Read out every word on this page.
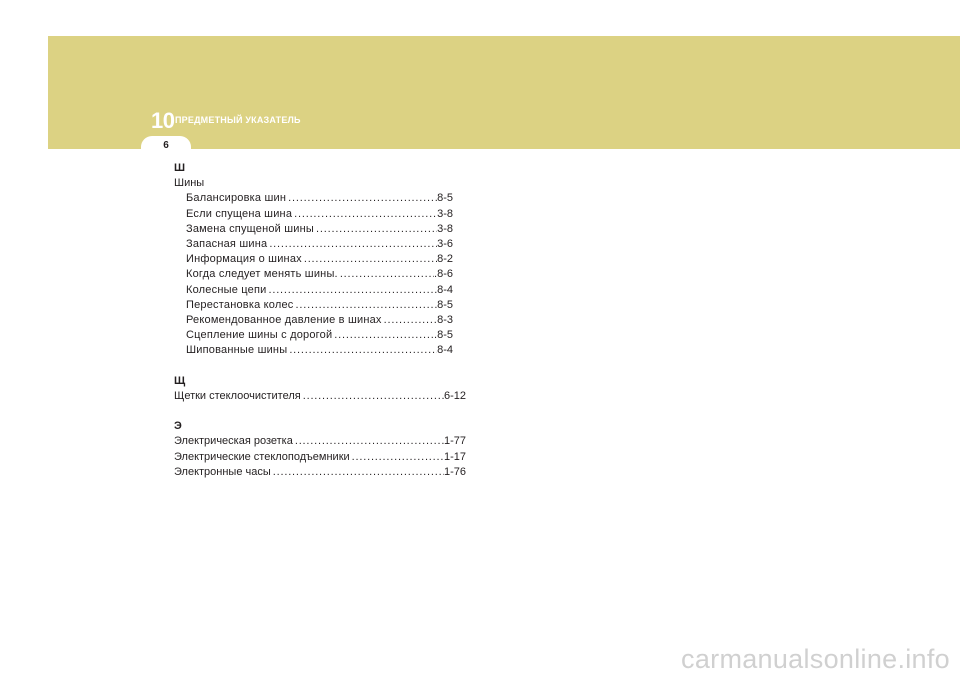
10 ПРЕДМЕТНЫЙ УКАЗАТЕЛЬ
6
Ш
Шины
Балансировка шин .....	8-5
Если спущена шина .....	3-8
Замена спущеной шины .....	3-8
Запасная шина .....	3-6
Информация о шинах .....	8-2
Когда следует менять шины. .....	.8-6
Колесные цепи .....	8-4
Перестановка колес .....	8-5
Рекомендованное давление в шинах .....	8-3
Сцепление шины с дорогой .....	.8-5
Шипованные шины .....	8-4
Щ
Щетки стеклоочистителя .....	6-12
Э
Электрическая розетка .....	1-77
Электрические стеклоподъемники .....	1-17
Электронные часы .....	1-76
carmanualsonline.info
